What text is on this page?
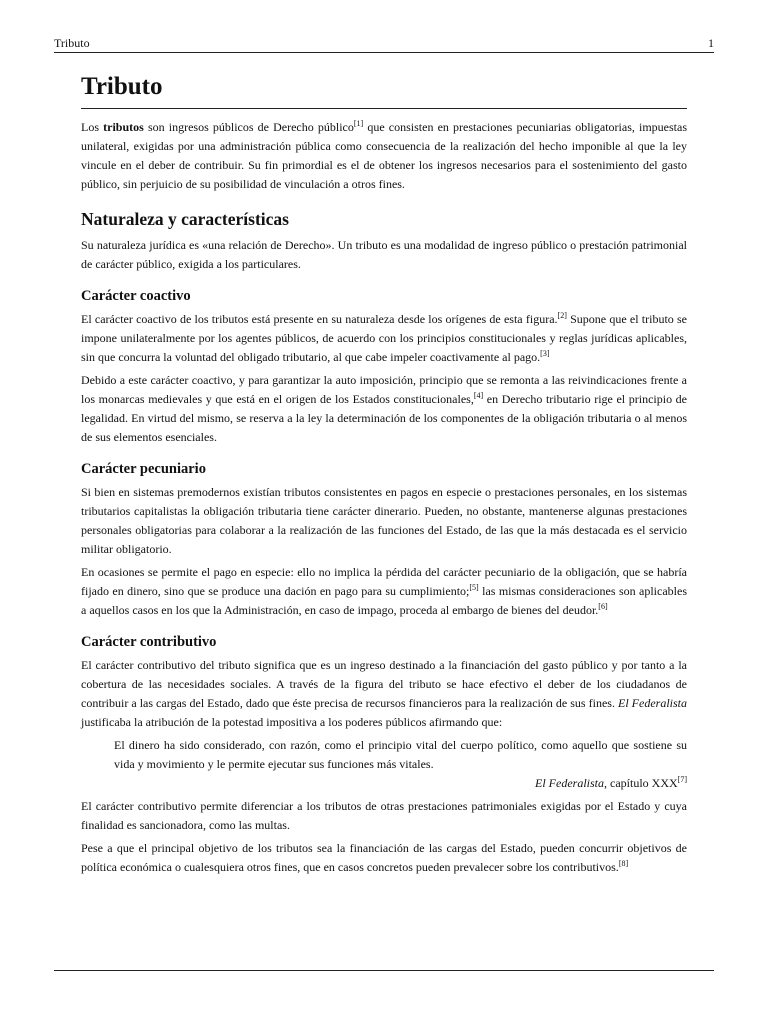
Tributo	1
Tributo

Los tributos son ingresos públicos de Derecho público[1] que consisten en prestaciones pecuniarias obligatorias, impuestas unilateral, exigidas por una administración pública como consecuencia de la realización del hecho imponible al que la ley vincule en el deber de contribuir. Su fin primordial es el de obtener los ingresos necesarios para el sostenimiento del gasto público, sin perjuicio de su posibilidad de vinculación a otros fines.

Naturaleza y características

Su naturaleza jurídica es «una relación de Derecho». Un tributo es una modalidad de ingreso público o prestación patrimonial de carácter público, exigida a los particulares.

Carácter coactivo

El carácter coactivo de los tributos está presente en su naturaleza desde los orígenes de esta figura.[2] Supone que el tributo se impone unilateralmente por los agentes públicos, de acuerdo con los principios constitucionales y reglas jurídicas aplicables, sin que concurra la voluntad del obligado tributario, al que cabe impeler coactivamente al pago.[3]

Debido a este carácter coactivo, y para garantizar la auto imposición, principio que se remonta a las reivindicaciones frente a los monarcas medievales y que está en el origen de los Estados constitucionales,[4] en Derecho tributario rige el principio de legalidad. En virtud del mismo, se reserva a la ley la determinación de los componentes de la obligación tributaria o al menos de sus elementos esenciales.

Carácter pecuniario

Si bien en sistemas premodernos existían tributos consistentes en pagos en especie o prestaciones personales, en los sistemas tributarios capitalistas la obligación tributaria tiene carácter dinerario. Pueden, no obstante, mantenerse algunas prestaciones personales obligatorias para colaborar a la realización de las funciones del Estado, de las que la más destacada es el servicio militar obligatorio.

En ocasiones se permite el pago en especie: ello no implica la pérdida del carácter pecuniario de la obligación, que se habría fijado en dinero, sino que se produce una dación en pago para su cumplimiento;[5] las mismas consideraciones son aplicables a aquellos casos en los que la Administración, en caso de impago, proceda al embargo de bienes del deudor.[6]

Carácter contributivo

El carácter contributivo del tributo significa que es un ingreso destinado a la financiación del gasto público y por tanto a la cobertura de las necesidades sociales. A través de la figura del tributo se hace efectivo el deber de los ciudadanos de contribuir a las cargas del Estado, dado que éste precisa de recursos financieros para la realización de sus fines. El Federalista justificaba la atribución de la potestad impositiva a los poderes públicos afirmando que:

El dinero ha sido considerado, con razón, como el principio vital del cuerpo político, como aquello que sostiene su vida y movimiento y le permite ejecutar sus funciones más vitales.

El Federalista, capítulo XXX[7]

El carácter contributivo permite diferenciar a los tributos de otras prestaciones patrimoniales exigidas por el Estado y cuya finalidad es sancionadora, como las multas.

Pese a que el principal objetivo de los tributos sea la financiación de las cargas del Estado, pueden concurrir objetivos de política económica o cualesquiera otros fines, que en casos concretos pueden prevalecer sobre los contributivos.[8]
